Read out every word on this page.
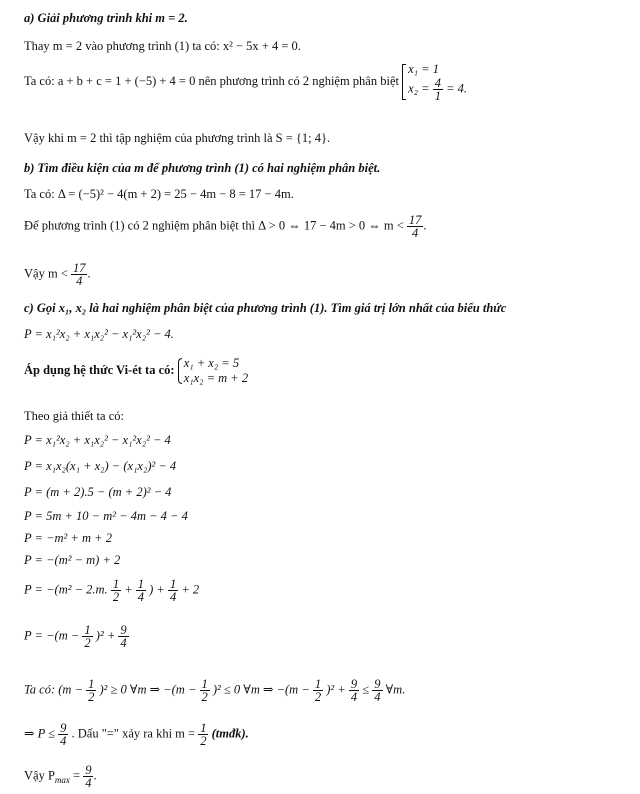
a) Giải phương trình khi m = 2.
Thay m = 2 vào phương trình (1) ta có: x² − 5x + 4 = 0.
Ta có: a + b + c = 1 + (−5) + 4 = 0 nên phương trình có 2 nghiệm phân biệt
x₁ = 1
$x_2 = \frac{4}{1} = 4$.
Vậy khi m = 2 thì tập nghiệm của phương trình là S = {1; 4}.
b) Tìm điều kiện của m để phương trình (1) có hai nghiệm phân biệt.
Ta có: Δ = (−5)² − 4(m + 2) = 25 − 4m − 8 = 17 − 4m.
Để phương trình (1) có 2 nghiệm phân biệt thì Δ > 0 ⇔ 17 − 4m > 0 ⇔ $m < \frac{17}{4}$ .
Vậy $m < \frac{17}{4}$ .
c) Gọi x₁, x₂ là hai nghiệm phân biệt của phương trình (1). Tìm giá trị lớn nhất của biểu thức
P = x₁²x₂ + x₁x₂² − x₁²x₂² − 4.
Áp dụng hệ thức Vi-ét ta có: x₁ + x₂ = 5
x₁x₂ = m + 2
Theo giả thiết ta có:
P = x₁²x₂ + x₁x₂² − x₁²x₂² − 4
P = x₁x₂(x₁ + x₂) − (x₁x₂)² − 4
P = (m + 2).5 − (m + 2)² − 4
P = 5m + 10 − m² − 4m − 4 − 4
P = −m² + m + 2
P = −(m² − m) + 2
P = −(m² − 2.m. $\frac{1}{2} + \frac{1}{4}$ ) + $\frac{1}{4} + 2$
$P = -(m - \frac{1}{2} )^2 + \frac{9}{4}$
Ta có: $(m - \frac{1}{2} )^2 \ge 0$ ∀m ⇒ $-(m - \frac{1}{2} )^2 \le 0$ ∀m ⇒ $-(m - \frac{1}{2} )^2 + \frac{9}{4} \le \frac{9}{4}$ ∀m.
⇒ $P \le \frac{9}{4}$ . Dấu "=" xảy ra khi $m = \frac{1}{2}$ (tmđk).
Vậy $P_{max} = \frac{9}{4}$ .
